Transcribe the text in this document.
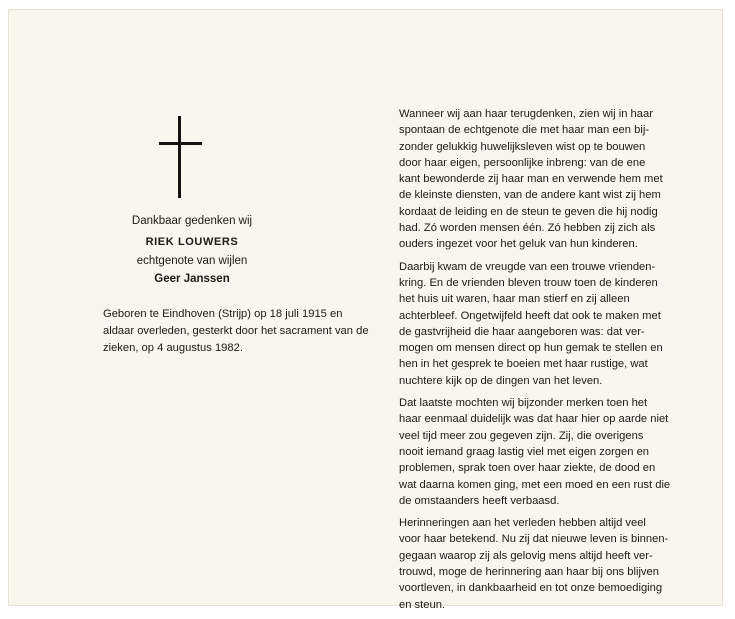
Dankbaar gedenken wij
RIEK LOUWERS
echtgenote van wijlen
Geer Janssen
Geboren te Eindhoven (Strijp) op 18 juli 1915 en
aldaar overleden, gesterkt door het sacrament van de
zieken, op 4 augustus 1982.
Wanneer wij aan haar terugdenken, zien wij in haar
spontaan de echtgenote die met haar man een bij-
zonder gelukkig huwelijksleven wist op te bouwen
door haar eigen, persoonlijke inbreng: van de ene
kant bewonderde zij haar man en verwende hem met
de kleinste diensten, van de andere kant wist zij hem
kordaat de leiding en de steun te geven die hij nodig
had. Zó worden mensen één. Zó hebben zij zich als
ouders ingezet voor het geluk van hun kinderen.
Daarbij kwam de vreugde van een trouwe vrienden-
kring. En de vrienden bleven trouw toen de kinderen
het huis uit waren, haar man stierf en zij alleen
achterbleef. Ongetwijfeld heeft dat ook te maken met
de gastvrijheid die haar aangeboren was: dat ver-
mogen om mensen direct op hun gemak te stellen en
hen in het gesprek te boeien met haar rustige, wat
nuchtere kijk op de dingen van het leven.
Dat laatste mochten wij bijzonder merken toen het
haar eenmaal duidelijk was dat haar hier op aarde niet
veel tijd meer zou gegeven zijn. Zij, die overigens
nooit iemand graag lastig viel met eigen zorgen en
problemen, sprak toen over haar ziekte, de dood en
wat daarna komen ging, met een moed en een rust die
de omstaanders heeft verbaasd.
Herinneringen aan het verleden hebben altijd veel
voor haar betekend. Nu zij dat nieuwe leven is binnen-
gegaan waarop zij als gelovig mens altijd heeft ver-
trouwd, moge de herinnering aan haar bij ons blijven
voortleven, in dankbaarheid en tot onze bemoediging
en steun.
